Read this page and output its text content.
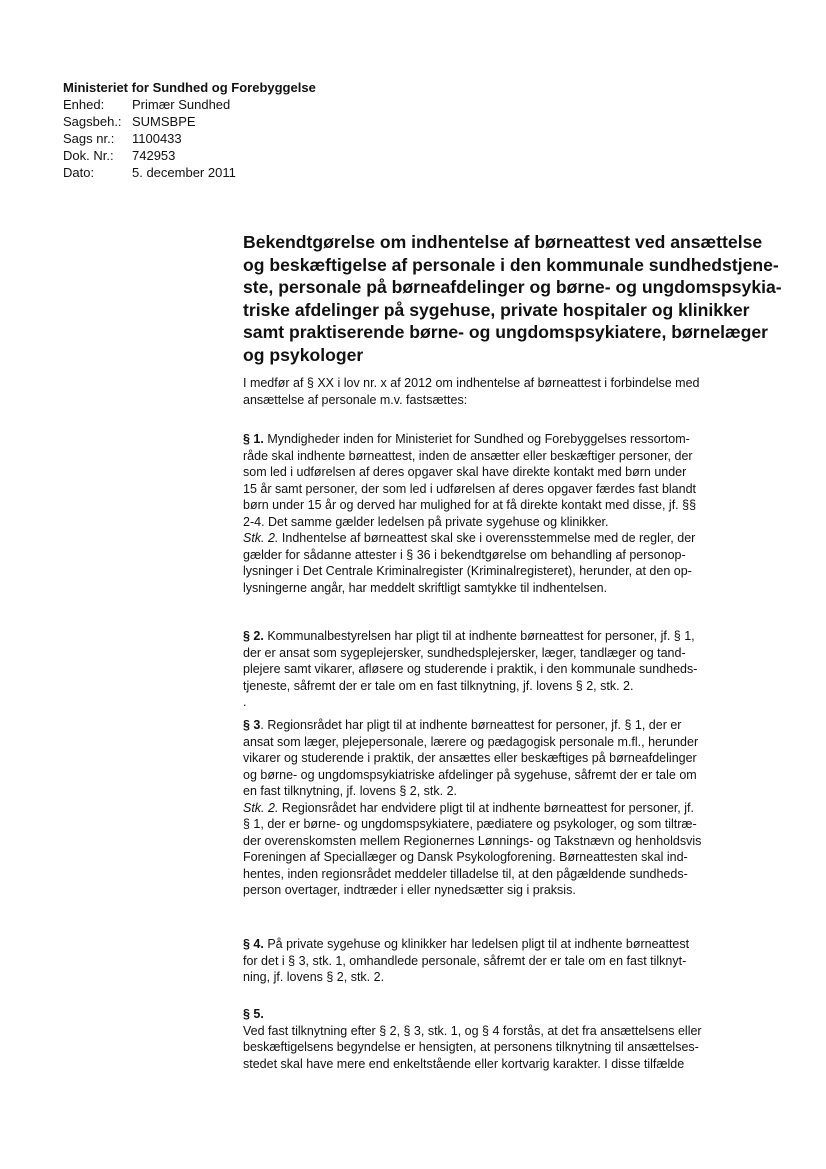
Ministeriet for Sundhed og Forebyggelse
Enhed:	Primær Sundhed
Sagsbeh.: SUMSBPE
Sags nr.:	1100433
Dok. Nr.:	742953
Dato:	5. december 2011
Bekendtgørelse om indhentelse af børneattest ved ansættelse
og beskæftigelse af personale i den kommunale sundhedstjene-
ste, personale på børneafdelinger og børne- og ungdomspsykia-
triske afdelinger på sygehuse, private hospitaler og klinikker
samt praktiserende børne- og ungdomspsykiatere, børnelæger
og psykologer
I medfør af § XX i lov nr. x af 2012 om indhentelse af børneattest i forbindelse med
ansættelse af personale m.v. fastsættes:
§ 1. Myndigheder inden for Ministeriet for Sundhed og Forebyggelses ressortom-
råde skal indhente børneattest, inden de ansætter eller beskæftiger personer, der
som led i udførelsen af deres opgaver skal have direkte kontakt med børn under
15 år samt personer, der som led i udførelsen af deres opgaver færdes fast blandt
børn under 15 år og derved har mulighed for at få direkte kontakt med disse, jf. §§
2-4. Det samme gælder ledelsen på private sygehuse og klinikker.
Stk. 2. Indhentelse af børneattest skal ske i overensstemmelse med de regler, der
gælder for sådanne attester i § 36 i bekendtgørelse om behandling af personop-
lysninger i Det Centrale Kriminalregister (Kriminalregisteret), herunder, at den op-
lysningerne angår, har meddelt skriftligt samtykke til indhentelsen.
§ 2. Kommunalbestyrelsen har pligt til at indhente børneattest for personer, jf. § 1,
der er ansat som sygeplejersker, sundhedsplejersker, læger, tandlæger og tand-
plejere samt vikarer, afløsere og studerende i praktik, i den kommunale sundheds-
tjeneste, såfremt der er tale om en fast tilknytning, jf. lovens § 2, stk. 2.
.
§ 3. Regionsrådet har pligt til at indhente børneattest for personer, jf. § 1, der er
ansat som læger, plejepersonale, lærere og pædagogisk personale m.fl., herunder
vikarer og studerende i praktik, der ansættes eller beskæftiges på børneafdelinger
og børne- og ungdomspsykiatriske afdelinger på sygehuse, såfremt der er tale om
en fast tilknytning, jf. lovens § 2, stk. 2.
Stk. 2. Regionsrådet har endvidere pligt til at indhente børneattest for personer, jf.
§ 1, der er børne- og ungdomspsykiatere, pædiatere og psykologer, og som tiltræ-
der overenskomsten mellem Regionernes Lønnings- og Takstnævn og henholdsvis
Foreningen af Speciallæger og Dansk Psykologforening. Børneattesten skal ind-
hentes, inden regionsrådet meddeler tilladelse til, at den pågældende sundheds-
person overtager, indtræder i eller nynedsætter sig i praksis.
§ 4. På private sygehuse og klinikker har ledelsen pligt til at indhente børneattest
for det i § 3, stk. 1, omhandlede personale, såfremt der er tale om en fast tilknyt-
ning, jf. lovens § 2, stk. 2.
§ 5.
Ved fast tilknytning efter § 2, § 3, stk. 1, og § 4 forstås, at det fra ansættelsens eller
beskæftigelsens begyndelse er hensigten, at personens tilknytning til ansættelses-
stedet skal have mere end enkeltstående eller kortvarig karakter. I disse tilfælde
